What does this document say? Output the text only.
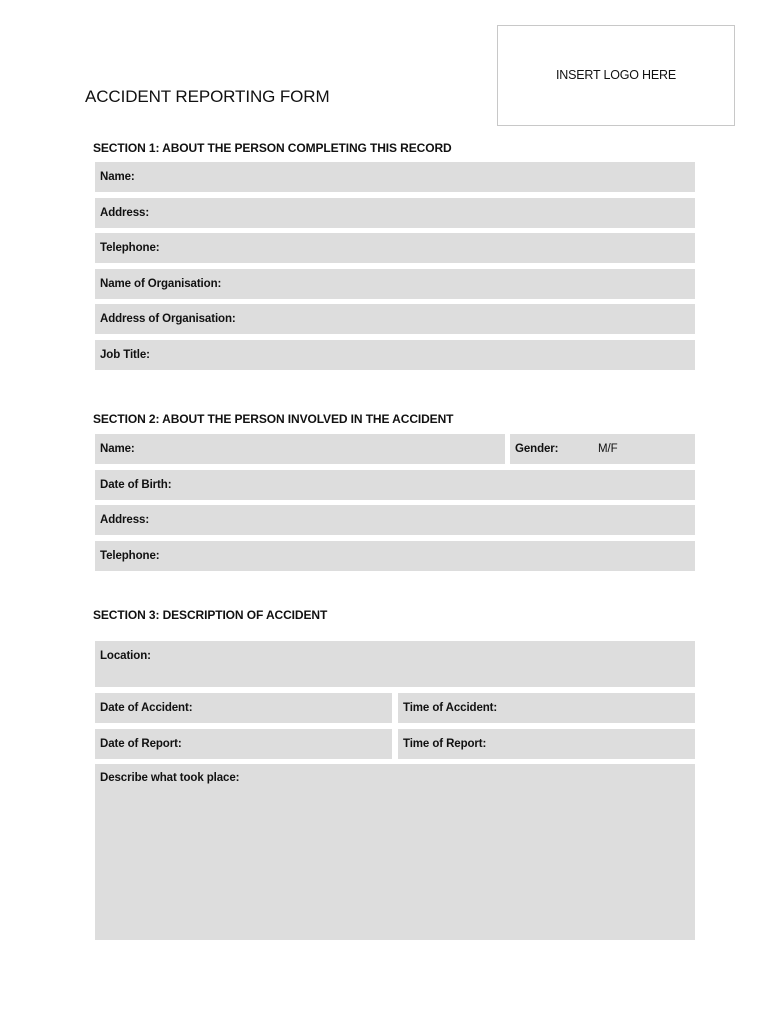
INSERT LOGO HERE
ACCIDENT REPORTING FORM
SECTION 1: ABOUT THE PERSON COMPLETING THIS RECORD
Name:
Address:
Telephone:
Name of Organisation:
Address of Organisation:
Job Title:
SECTION 2: ABOUT THE PERSON INVOLVED IN THE ACCIDENT
Name:	Gender:	M/F
Date of Birth:
Address:
Telephone:
SECTION 3: DESCRIPTION OF ACCIDENT
Location:
Date of Accident:	Time of Accident:
Date of Report:	Time of Report:
Describe what took place:
